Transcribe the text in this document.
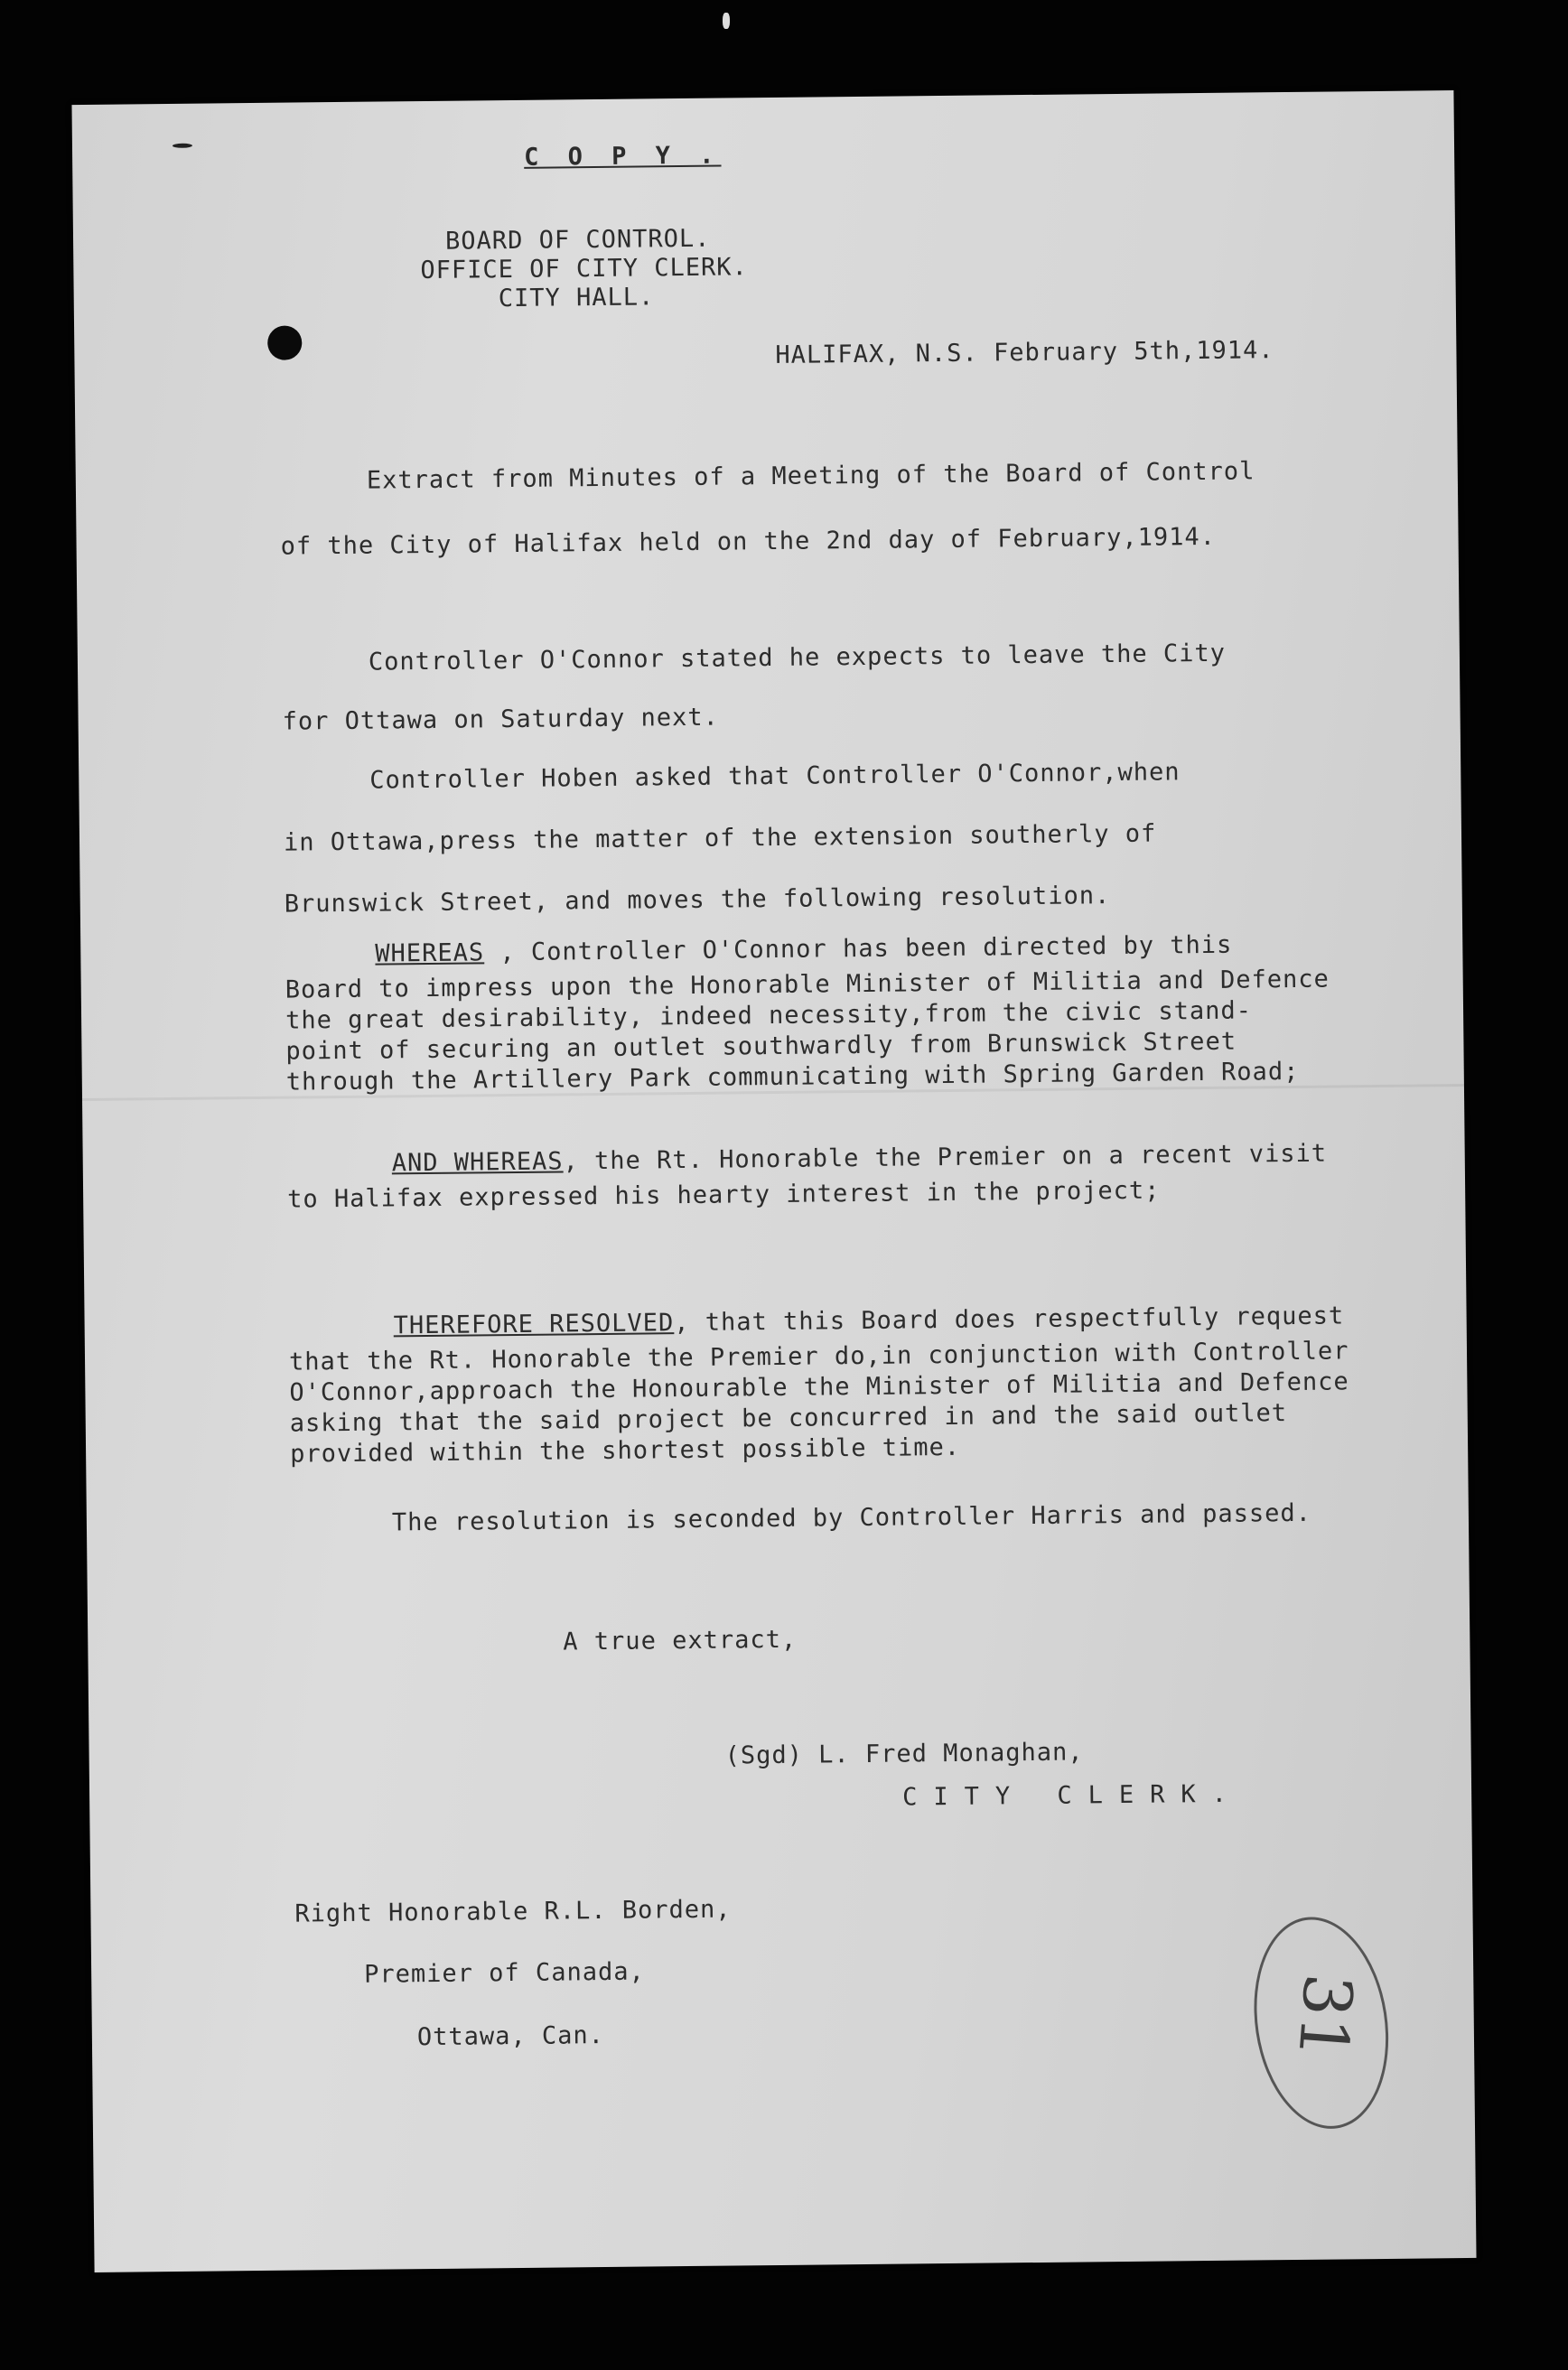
C O P Y .
BOARD OF CONTROL.
OFFICE OF CITY CLERK.
CITY HALL.
HALIFAX, N.S. February 5th,1914.
Extract from Minutes of a Meeting of the Board of Control
of the City of Halifax held on the 2nd day of February,1914.
Controller O'Connor stated he expects to leave the City
for Ottawa on Saturday next.
Controller Hoben asked that Controller O'Connor,when
in Ottawa,press the matter of the extension southerly of
Brunswick Street, and moves the following resolution.
WHEREAS , Controller O'Connor has been directed by this
Board to impress upon the Honorable Minister of Militia and Defence
the great desirability, indeed necessity,from the civic stand-
point of securing an outlet southwardly from Brunswick Street
through the Artillery Park communicating with Spring Garden Road;
AND WHEREAS, the Rt. Honorable the Premier on a recent visit
to Halifax expressed his hearty interest in the project;
THEREFORE RESOLVED, that this Board does respectfully request
that the Rt. Honorable the Premier do,in conjunction with Controller
O'Connor,approach the Honourable the Minister of Militia and Defence
asking that the said project be concurred in and the said outlet
provided within the shortest possible time.
The resolution is seconded by Controller Harris and passed.
A true extract,
(Sgd) L. Fred Monaghan,
CITY CLERK.
Right Honorable R.L. Borden,
Premier of Canada,
Ottawa, Can.	31
